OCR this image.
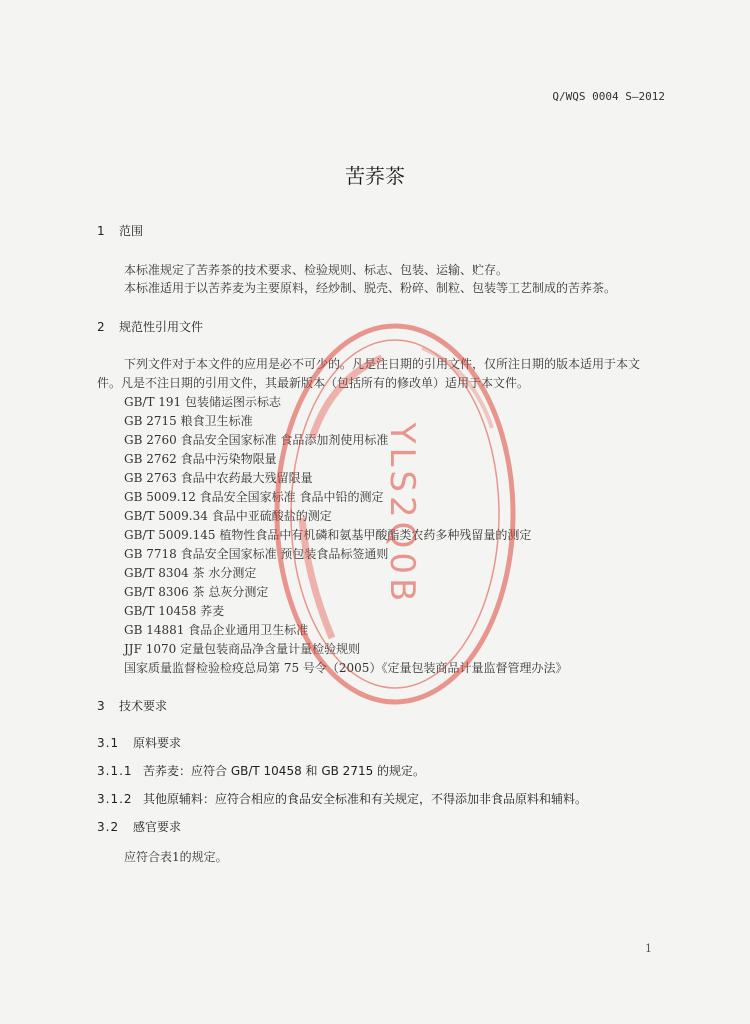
Q/WQS 0004 S—2012
苦荞茶
1 范围
本标准规定了苦荞茶的技术要求、检验规则、标志、包装、运输、贮存。
本标准适用于以苦荞麦为主要原料，经炒制、脱壳、粉碎、制粒、包装等工艺制成的苦荞茶。
2 规范性引用文件
下列文件对于本文件的应用是必不可少的。凡是注日期的引用文件，仅所注日期的版本适用于本文
件。凡是不注日期的引用文件，其最新版本（包括所有的修改单）适用于本文件。
GB/T 191 包装储运图示标志
GB 2715 粮食卫生标准
GB 2760 食品安全国家标准 食品添加剂使用标准
GB 2762 食品中污染物限量
GB 2763 食品中农药最大残留限量
GB 5009.12 食品安全国家标准 食品中铅的测定
GB/T 5009.34 食品中亚硫酸盐的测定
GB/T 5009.145 植物性食品中有机磷和氨基甲酸酯类农药多种残留量的测定
GB 7718 食品安全国家标准 预包装食品标签通则
GB/T 8304 茶 水分测定
GB/T 8306 茶 总灰分测定
GB/T 10458 荞麦
GB 14881 食品企业通用卫生标准
JJF 1070 定量包装商品净含量计量检验规则
国家质量监督检验检疫总局第 75 号令（2005）《定量包装商品计量监督管理办法》
3 技术要求
3.1 原料要求
3.1.1 苦荞麦：应符合 GB/T 10458 和 GB 2715 的规定。
3.1.2 其他原辅料：应符合相应的食品安全标准和有关规定，不得添加非食品原料和辅料。
3.2 感官要求
应符合表1的规定。
1
YLS2Q0B
